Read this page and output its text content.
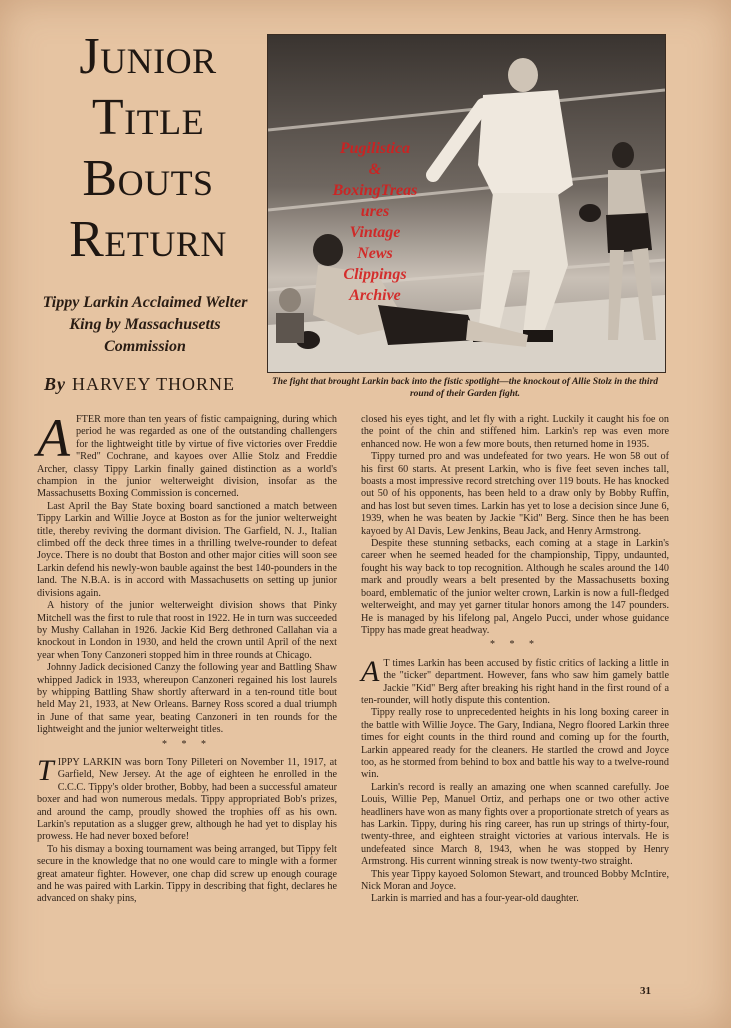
Junior
Title
Bouts
Return
Tippy Larkin Acclaimed Welter King by Massachusetts Commission
By HARVEY THORNE
Pugilistica
&
BoxingTreas
ures
Vintage
News
Clippings
Archive
The fight that brought Larkin back into the fistic spotlight—the knockout of Allie Stolz in the third round of their Garden fight.

AFTER more than ten years of fistic campaigning, during which period he was regarded as one of the outstanding challengers for the lightweight title by virtue of five victories over Freddie "Red" Cochrane, and kayoes over Allie Stolz and Freddie Archer, classy Tippy Larkin finally gained distinction as a world's champion in the junior welterweight division, insofar as the Massachusetts Boxing Commission is concerned.

Last April the Bay State boxing board sanctioned a match between Tippy Larkin and Willie Joyce at Boston as for the junior welterweight title, thereby reviving the dormant division. The Garfield, N. J., Italian climbed off the deck three times in a thrilling twelve-rounder to defeat Joyce. There is no doubt that Boston and other major cities will soon see Larkin defend his newly-won bauble against the best 140-pounders in the land. The N.B.A. is in accord with Massachusetts on setting up junior divisions again.

A history of the junior welterweight division shows that Pinky Mitchell was the first to rule that roost in 1922. He in turn was succeeded by Mushy Callahan in 1926. Jackie Kid Berg dethroned Callahan via a knockout in London in 1930, and held the crown until April of the next year when Tony Canzoneri stopped him in three rounds at Chicago.

Johnny Jadick decisioned Canzy the following year and Battling Shaw whipped Jadick in 1933, whereupon Canzoneri regained his lost laurels by whipping Battling Shaw shortly afterward in a ten-round title bout held May 21, 1933, at New Orleans. Barney Ross scored a dual triumph in June of that same year, beating Canzoneri in ten rounds for the lightweight and the junior welterweight titles.

* * *

TIPPY LARKIN was born Tony Pilleteri on November 11, 1917, at Garfield, New Jersey. At the age of eighteen he enrolled in the C.C.C. Tippy's older brother, Bobby, had been a successful amateur boxer and had won numerous medals. Tippy appropriated Bob's prizes, and around the camp, proudly showed the trophies off as his own. Larkin's reputation as a slugger grew, although he had yet to display his prowess. He had never boxed before!

To his dismay a boxing tournament was being arranged, but Tippy felt secure in the knowledge that no one would care to mingle with a former great amateur fighter. However, one chap did screw up enough courage and he was paired with Larkin. Tippy in describing that fight, declares he advanced on shaky pins,

closed his eyes tight, and let fly with a right. Luckily it caught his foe on the point of the chin and stiffened him. Larkin's rep was even more enhanced now. He won a few more bouts, then returned home in 1935.

Tippy turned pro and was undefeated for two years. He won 58 out of his first 60 starts. At present Larkin, who is five feet seven inches tall, boasts a most impressive record stretching over 119 bouts. He has knocked out 50 of his opponents, has been held to a draw only by Bobby Ruffin, and has lost but seven times. Larkin has yet to lose a decision since June 6, 1939, when he was beaten by Jackie "Kid" Berg. Since then he has been kayoed by Al Davis, Lew Jenkins, Beau Jack, and Henry Armstrong.

Despite these stunning setbacks, each coming at a stage in Larkin's career when he seemed headed for the championship, Tippy, undaunted, fought his way back to top recognition. Although he scales around the 140 mark and proudly wears a belt presented by the Massachusetts boxing board, emblematic of the junior welter crown, Larkin is now a full-fledged welterweight, and may yet garner titular honors among the 147 pounders. He is managed by his lifelong pal, Angelo Pucci, under whose guidance Tippy has made great headway.

* * *

A T times Larkin has been accused by fistic critics of lacking a little in the "ticker" department. However, fans who saw him gamely battle Jackie "Kid" Berg after breaking his right hand in the first round of a ten-rounder, will hotly dispute this contention.

Tippy really rose to unprecedented heights in his long boxing career in the battle with Willie Joyce. The Gary, Indiana, Negro floored Larkin three times for eight counts in the third round and coming up for the fourth, Larkin appeared ready for the cleaners. He startled the crowd and Joyce too, as he stormed from behind to box and battle his way to a twelve-round win.

Larkin's record is really an amazing one when scanned carefully. Joe Louis, Willie Pep, Manuel Ortiz, and perhaps one or two other active headliners have won as many fights over a proportionate stretch of years as has Larkin. Tippy, during his ring career, has run up strings of thirty-four, twenty-three, and eighteen straight victories at various intervals. He is undefeated since March 8, 1943, when he was stopped by Henry Armstrong. His current winning streak is now twenty-two straight.

This year Tippy kayoed Solomon Stewart, and trounced Bobby McIntire, Nick Moran and Joyce.

Larkin is married and has a four-year-old daughter.

31
